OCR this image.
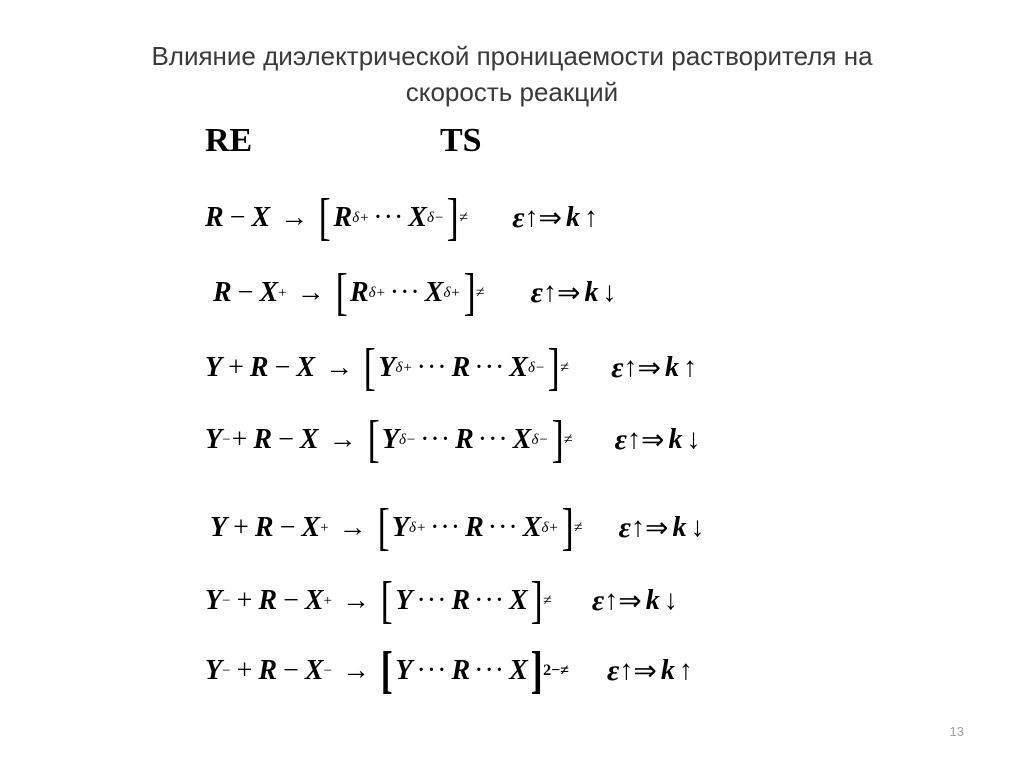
Влияние диэлектрической проницаемости растворителя на
скорость реакций
RE	TS
R − X → [ R δ+ ··· X δ− ] ≠ ε ↑ ⇒ k ↑
R − X + → [ R δ+ ··· X δ+ ] ≠ ε ↑ ⇒ k ↓
Y + R − X → [ Y δ+ ··· R ··· X δ− ] ≠ ε ↑ ⇒ k ↑
Y − + R − X → [ Y δ− ··· R ··· X δ− ] ≠ ε ↑ ⇒ k ↓
Y + R − X + → [ Y δ+ ··· R ··· X δ+ ] ≠ ε ↑ ⇒ k ↓
Y − + R − X + → [ Y ··· R ··· X ] ≠ ε ↑ ⇒ k ↓
Y − + R − X − → [ Y ··· R ··· X ] 2−≠ ε ↑ ⇒ k ↑
13
